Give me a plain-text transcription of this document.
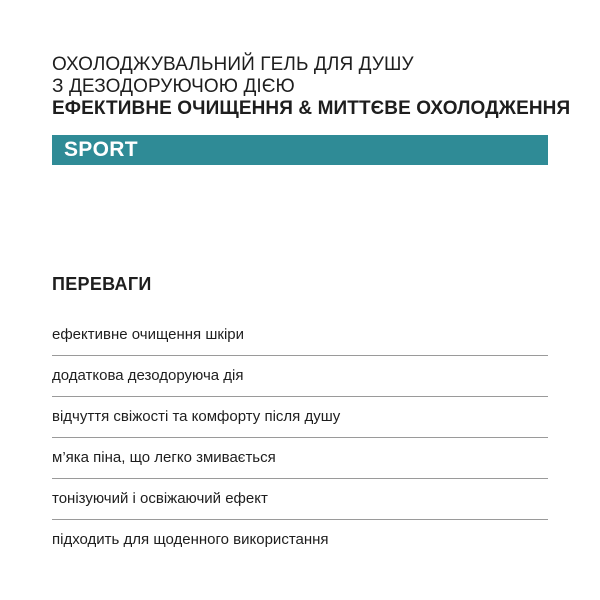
ОХОЛОДЖУВАЛЬНИЙ ГЕЛЬ ДЛЯ ДУШУ
З ДЕЗОДОРУЮЧОЮ ДІЄЮ
ЕФЕКТИВНЕ ОЧИЩЕННЯ & МИТТЄВЕ ОХОЛОДЖЕННЯ
SPORT
ПЕРЕВАГИ
ефективне очищення шкіри
додаткова дезодоруюча дія
відчуття свіжості та комфорту після душу
м’яка піна, що легко змивається
тонізуючий і освіжаючий ефект
підходить для щоденного використання
